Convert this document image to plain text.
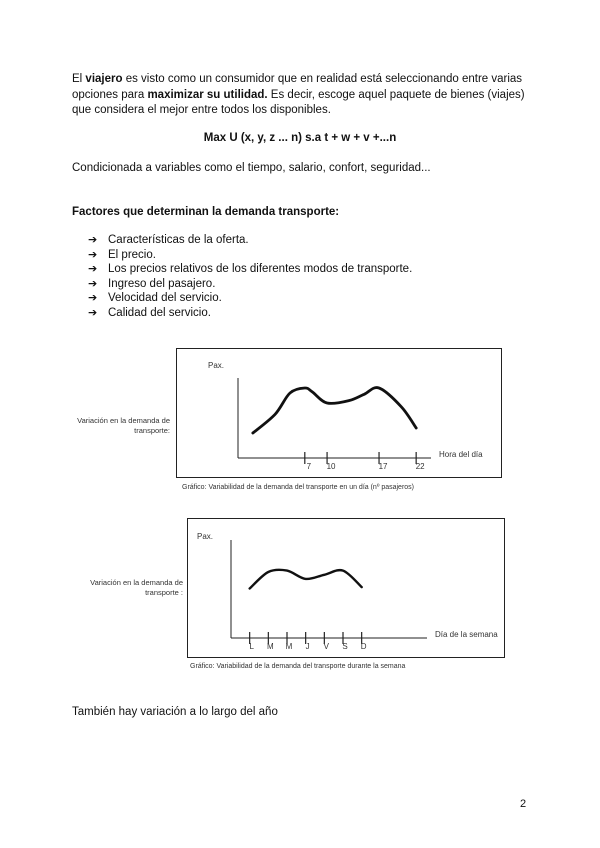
El viajero es visto como un consumidor que en realidad está seleccionando entre varias opciones para maximizar su utilidad. Es decir, escoge aquel paquete de bienes (viajes) que considera el mejor entre todos los disponibles.
Max U (x, y, z ... n) s.a t + w + v +...n
Condicionada a variables como el tiempo, salario, confort, seguridad...
Factores que determinan la demanda transporte:
➔ Características de la oferta.
➔ El precio.
➔ Los precios relativos de los diferentes modos de transporte.
➔ Ingreso del pasajero.
➔ Velocidad del servicio.
➔ Calidad del servicio.
Variación en la demanda de transporte:
Pax.
Hora del día
7 10	17	22
Gráfico: Variabilidad de la demanda del transporte en un día (nº pasajeros)
Variación en la demanda de transporte :
Pax.
Día de la semana
L M M J V S D
Gráfico: Variabilidad de la demanda del transporte durante la semana
También hay variación a lo largo del año
2
